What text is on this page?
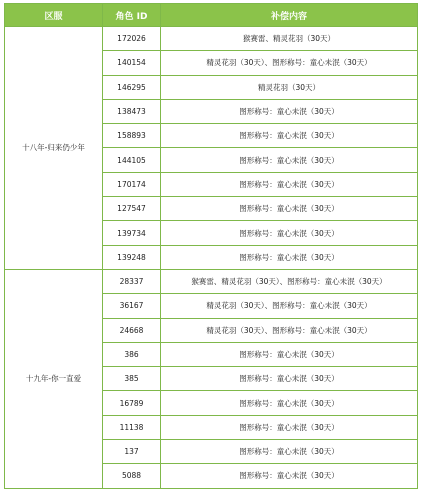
区服	角色 ID	补偿内容
十八年-归来仍少年	172026	猴赛雷、精灵花羽（30天）
	140154	精灵花羽（30天）、图形称号：童心未泯（30天）
	146295	精灵花羽（30天）
	138473	图形称号：童心未泯（30天）
	158893	图形称号：童心未泯（30天）
	144105	图形称号：童心未泯（30天）
	170174	图形称号：童心未泯（30天）
	127547	图形称号：童心未泯（30天）
	139734	图形称号：童心未泯（30天）
	139248	图形称号：童心未泯（30天）
十九年-你一直爱	28337	猴赛雷、精灵花羽（30天）、图形称号：童心未泯（30天）
	36167	精灵花羽（30天）、图形称号：童心未泯（30天）
	24668	精灵花羽（30天）、图形称号：童心未泯（30天）
	386	图形称号：童心未泯（30天）
	385	图形称号：童心未泯（30天）
	16789	图形称号：童心未泯（30天）
	11138	图形称号：童心未泯（30天）
	137	图形称号：童心未泯（30天）
	5088	图形称号：童心未泯（30天）
